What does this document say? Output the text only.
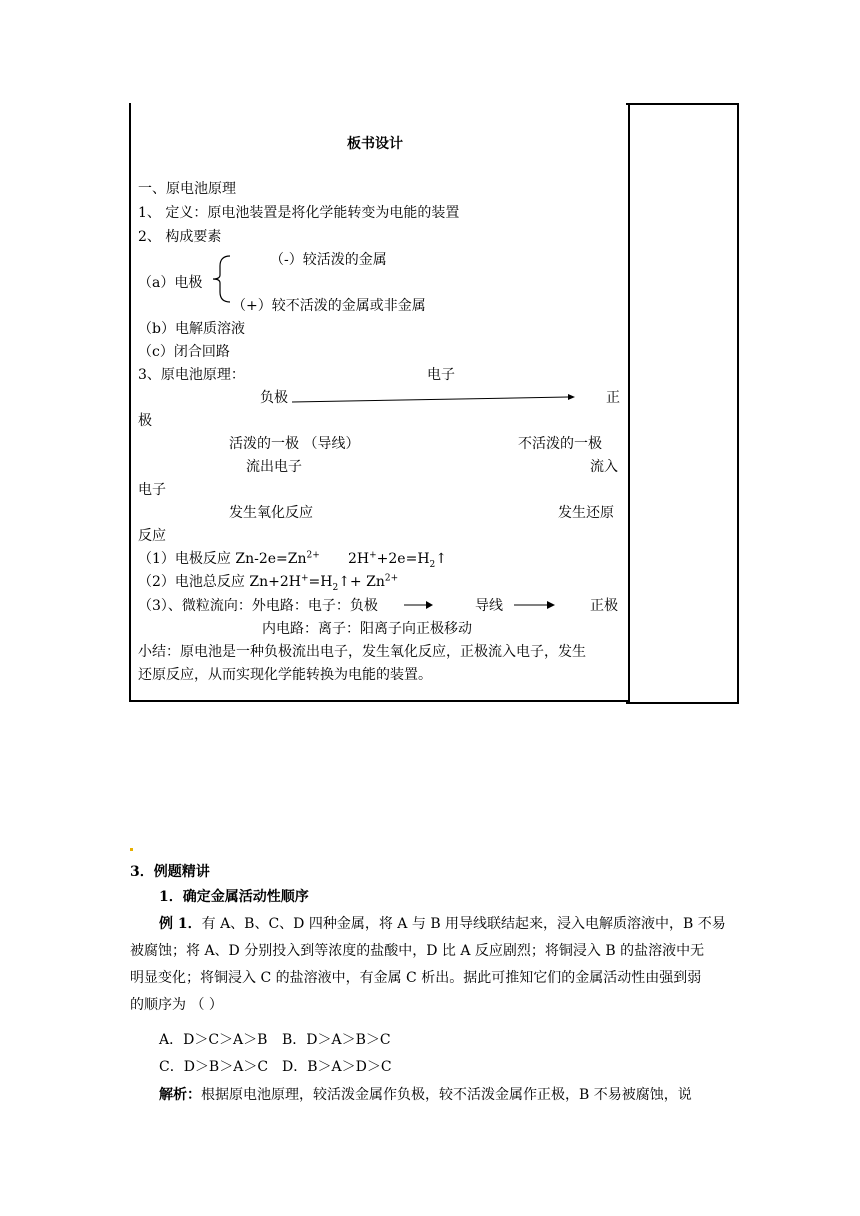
板书设计
一、原电池原理
1、 定义：原电池装置是将化学能转变为电能的装置
2、 构成要素
（-）较活泼的金属
（a）电极
（+）较不活泼的金属或非金属
（b）电解质溶液
（c）闭合回路
3、原电池原理：	电子
负极	正
极
活泼的一极 （导线）	不活泼的一极
流出电子	流入
电子
发生氧化反应	发生还原
反应
（1）电极反应 $Zn-2e=Zn^{2+}$ $2H^++2e=H_2↑$
（2）电池总反应 $Zn+2H^+=H_2↑+ Zn^{2+}$
（3）、微粒流向：外电路：电子：负极	导线	正极
内电路：离子：阳离子向正极移动
小结：原电池是一种负极流出电子，发生氧化反应，正极流入电子，发生
还原反应，从而实现化学能转换为电能的装置。
3．例题精讲
1．确定金属活动性顺序
例 1．有 A、B、C、D 四种金属，将 A 与 B 用导线联结起来，浸入电解质溶液中，B 不易
被腐蚀；将 A、D 分别投入到等浓度的盐酸中，D 比 A 反应剧烈；将铜浸入 B 的盐溶液中无
明显变化；将铜浸入 C 的盐溶液中，有金属 C 析出。据此可推知它们的金属活动性由强到弱
的顺序为 （ ）
A．D＞C＞A＞B B．D＞A＞B＞C
C．D＞B＞A＞C D．B＞A＞D＞C
解析：根据原电池原理，较活泼金属作负极，较不活泼金属作正极，B 不易被腐蚀，说
